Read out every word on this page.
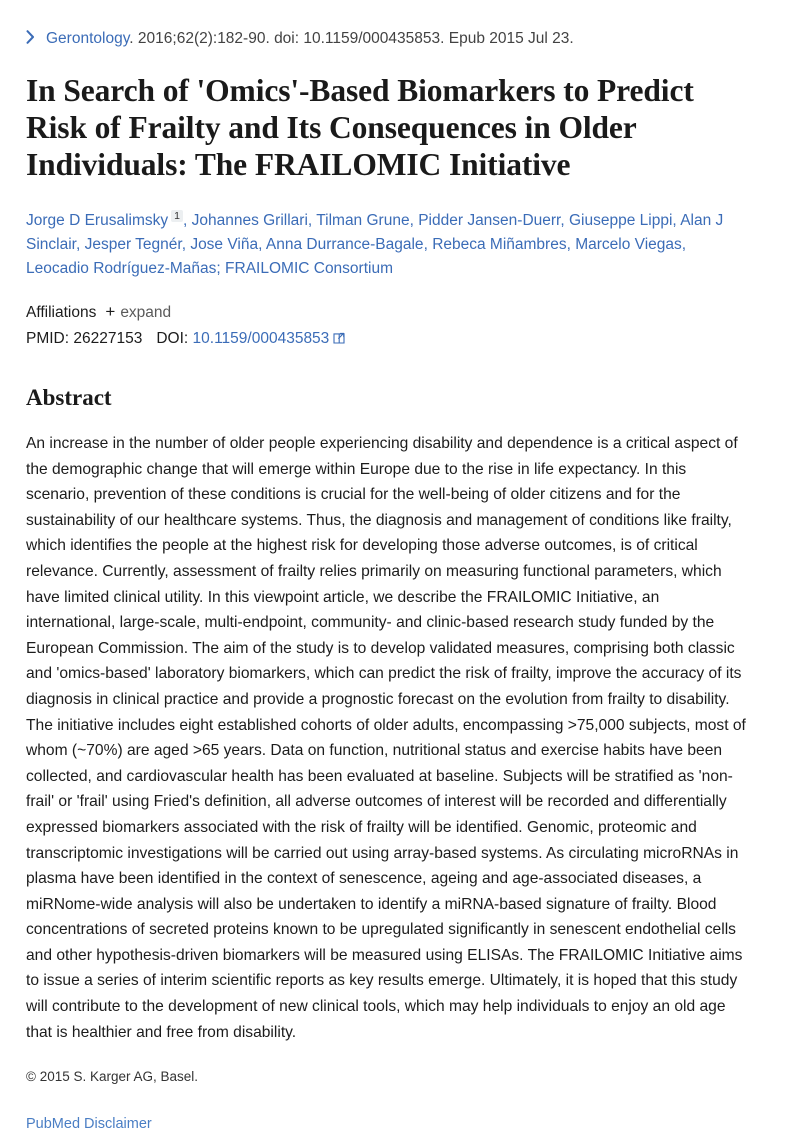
Gerontology. 2016;62(2):182-90. doi: 10.1159/000435853. Epub 2015 Jul 23.
In Search of 'Omics'-Based Biomarkers to Predict Risk of Frailty and Its Consequences in Older Individuals: The FRAILOMIC Initiative
Jorge D Erusalimsky $^1$ , Johannes Grillari, Tilman Grune, Pidder Jansen-Duerr, Giuseppe Lippi, Alan J Sinclair, Jesper Tegnér, Jose Viña, Anna Durrance-Bagale, Rebeca Miñambres, Marcelo Viegas, Leocadio Rodríguez-Mañas; FRAILOMIC Consortium
Affiliations + expand
PMID: 26227153 DOI: 10.1159/000435853
Abstract
An increase in the number of older people experiencing disability and dependence is a critical aspect of the demographic change that will emerge within Europe due to the rise in life expectancy. In this scenario, prevention of these conditions is crucial for the well-being of older citizens and for the sustainability of our healthcare systems. Thus, the diagnosis and management of conditions like frailty, which identifies the people at the highest risk for developing those adverse outcomes, is of critical relevance. Currently, assessment of frailty relies primarily on measuring functional parameters, which have limited clinical utility. In this viewpoint article, we describe the FRAILOMIC Initiative, an international, large-scale, multi-endpoint, community- and clinic-based research study funded by the European Commission. The aim of the study is to develop validated measures, comprising both classic and 'omics-based' laboratory biomarkers, which can predict the risk of frailty, improve the accuracy of its diagnosis in clinical practice and provide a prognostic forecast on the evolution from frailty to disability. The initiative includes eight established cohorts of older adults, encompassing >75,000 subjects, most of whom (~70%) are aged >65 years. Data on function, nutritional status and exercise habits have been collected, and cardiovascular health has been evaluated at baseline. Subjects will be stratified as 'non-frail' or 'frail' using Fried's definition, all adverse outcomes of interest will be recorded and differentially expressed biomarkers associated with the risk of frailty will be identified. Genomic, proteomic and transcriptomic investigations will be carried out using array-based systems. As circulating microRNAs in plasma have been identified in the context of senescence, ageing and age-associated diseases, a miRNome-wide analysis will also be undertaken to identify a miRNA-based signature of frailty. Blood concentrations of secreted proteins known to be upregulated significantly in senescent endothelial cells and other hypothesis-driven biomarkers will be measured using ELISAs. The FRAILOMIC Initiative aims to issue a series of interim scientific reports as key results emerge. Ultimately, it is hoped that this study will contribute to the development of new clinical tools, which may help individuals to enjoy an old age that is healthier and free from disability.
© 2015 S. Karger AG, Basel.
PubMed Disclaimer
